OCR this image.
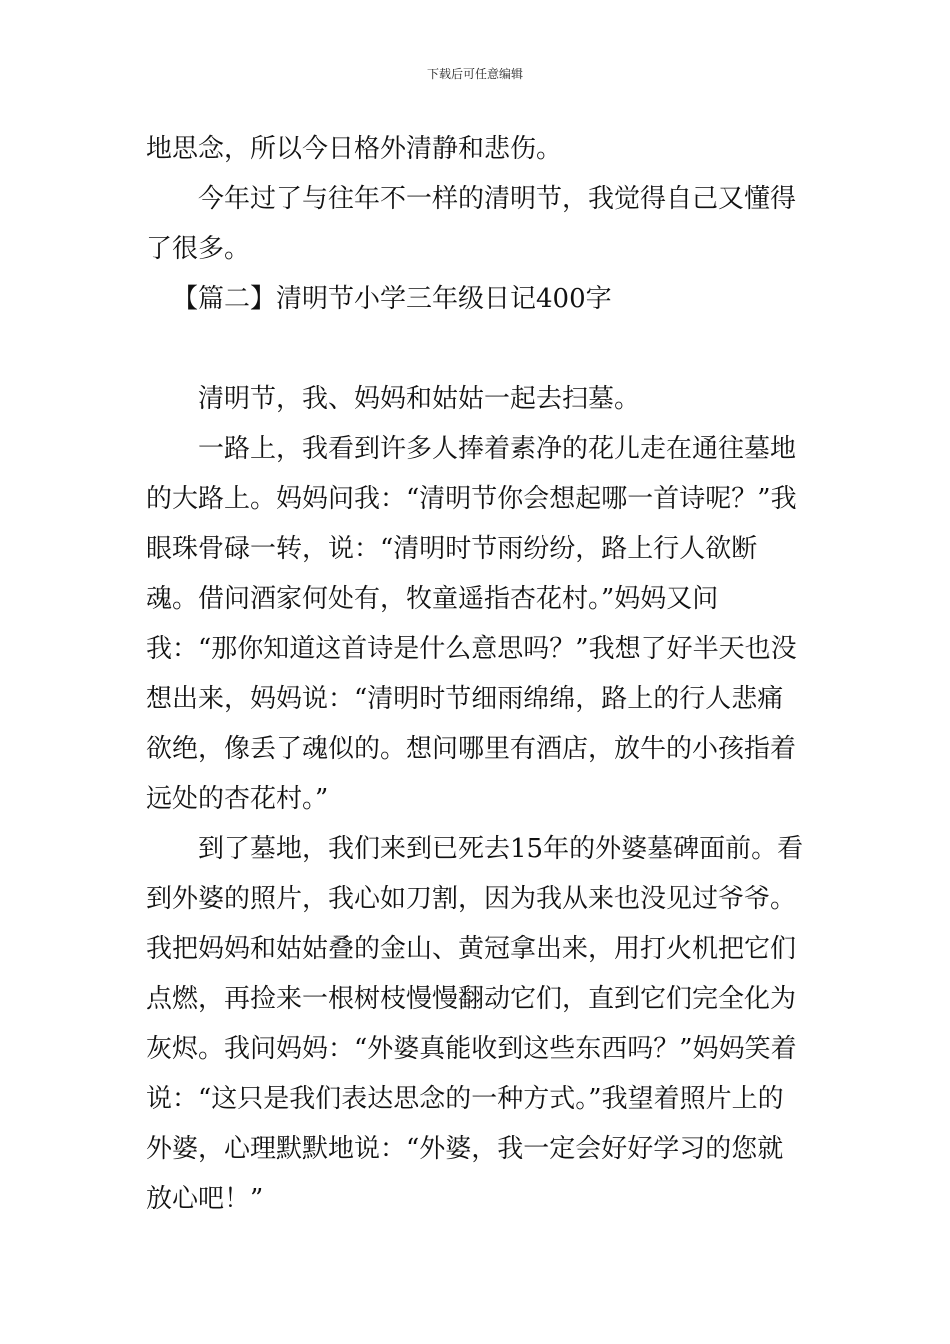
下载后可任意编辑

地思念，所以今日格外清静和悲伤。

今年过了与往年不一样的清明节，我觉得自己又懂得了很多。

【篇二】清明节小学三年级日记400字

清明节，我、妈妈和姑姑一起去扫墓。

一路上，我看到许多人捧着素净的花儿走在通往墓地的大路上。妈妈问我：“清明节你会想起哪一首诗呢？”我眼珠骨碌一转，说：“清明时节雨纷纷，路上行人欲断魂。借问酒家何处有，牧童遥指杏花村。”妈妈又问我：“那你知道这首诗是什么意思吗？”我想了好半天也没想出来，妈妈说：“清明时节细雨绵绵，路上的行人悲痛欲绝，像丢了魂似的。想问哪里有酒店，放牛的小孩指着远处的杏花村。”

到了墓地，我们来到已死去15年的外婆墓碑面前。看到外婆的照片，我心如刀割，因为我从来也没见过爷爷。我把妈妈和姑姑叠的金山、黄冠拿出来，用打火机把它们点燃，再捡来一根树枝慢慢翻动它们，直到它们完全化为灰烬。我问妈妈：“外婆真能收到这些东西吗？”妈妈笑着说：“这只是我们表达思念的一种方式。”我望着照片上的外婆，心理默默地说：“外婆，我一定会好好学习的您就放心吧！”
